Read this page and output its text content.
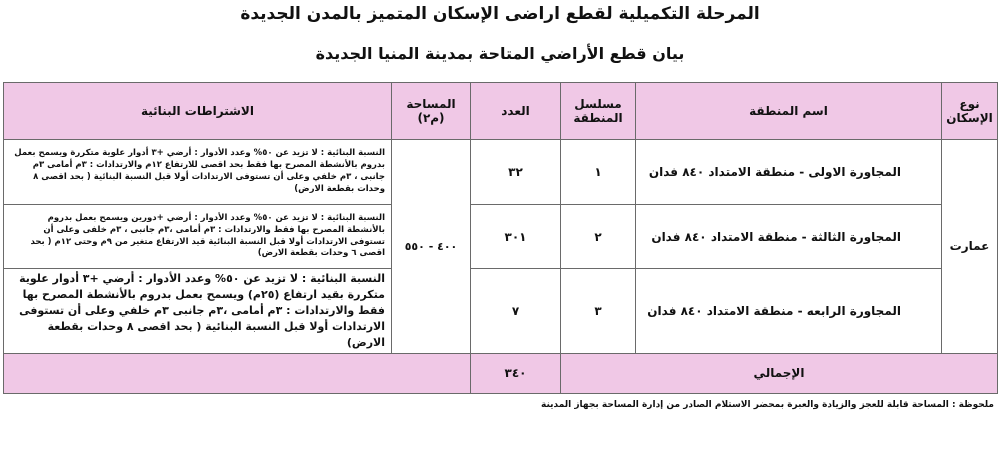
المرحلة التكميلية لقطع اراضى الإسكان المتميز بالمدن الجديدة
بيان قطع الأراضي المتاحة بمدينة المنيا الجديدة
نوع الإسكان	اسم المنطقة	مسلسل المنطقة	العدد	المساحة (م٢)	الاشتراطات البنائية
عمارت	المجاورة الاولى - منطقة الامتداد ٨٤٠ فدان	١	٣٢	٤٠٠ - ٥٥٠	النسبة البنائية : لا تزيد عن ٥٠% وعدد الأدوار : أرضي +٣ أدوار علوية متكررة ويسمح بعمل بدروم بالأنشطة المصرح بها فقط بحد اقصى للارتفاع ١٢م والارتدادات : ٣م أمامى ٣م جانبى ، ٣م خلفي وعلى أن تستوفى الارتدادات أولا قبل النسبة البنائية ( بحد اقصى ٨ وحدات بقطعة الارض)
	المجاورة الثالثة - منطقة الامتداد ٨٤٠ فدان	٢	٣٠١		النسبة البنائية : لا تزيد عن ٥٠% وعدد الأدوار : أرضي +دورين ويسمح بعمل بدروم بالأنشطة المصرح بها فقط والارتدادات : ٣م أمامى ،٣م جانبى ، ٣م خلفى وعلى أن تستوفى الارتدادات أولا قبل النسبة البنائية قيد الارتفاع متغير من ٩م وحتى ١٢م ( بحد اقصى ٦ وحدات بقطعة الارض)
	المجاورة الرابعه - منطقة الامتداد ٨٤٠ فدان	٣	٧		النسبة البنائية : لا تزيد عن ٥٠% وعدد الأدوار : أرضي +٣ أدوار علوية متكررة بقيد ارتفاع (٢٥م) ويسمح بعمل بدروم بالأنشطة المصرح بها فقط والارتدادات : ٣م أمامى ،٣م جانبى ٣م خلفي وعلى أن تستوفى الارتدادات أولا قبل النسبة البنائية ( بحد اقصى ٨ وحدات بقطعة الارض)
الإجمالي			٣٤٠		
ملحوظة : المساحة قابلة للعجز والزيادة والعبرة بمحضر الاستلام الصادر من إدارة المساحة بجهاز المدينة
